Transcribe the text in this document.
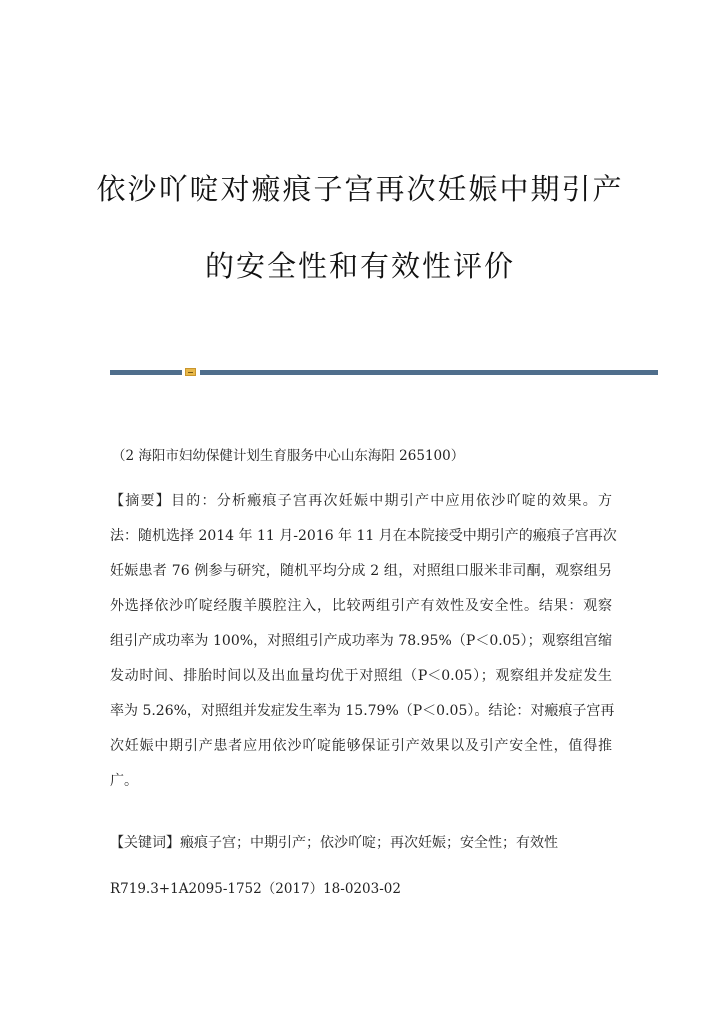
依沙吖啶对瘢痕子宫再次妊娠中期引产
的安全性和有效性评价
（2 海阳市妇幼保健计划生育服务中心山东海阳 265100）
【摘要】目的：分析瘢痕子宫再次妊娠中期引产中应用依沙吖啶的效果。方
法：随机选择 2014 年 11 月-2016 年 11 月在本院接受中期引产的瘢痕子宫再次
妊娠患者 76 例参与研究，随机平均分成 2 组，对照组口服米非司酮，观察组另
外选择依沙吖啶经腹羊膜腔注入，比较两组引产有效性及安全性。结果：观察
组引产成功率为 100%，对照组引产成功率为 78.95%（P＜0.05）；观察组宫缩
发动时间、排胎时间以及出血量均优于对照组（P＜0.05）；观察组并发症发生
率为 5.26%，对照组并发症发生率为 15.79%（P＜0.05）。结论：对瘢痕子宫再
次妊娠中期引产患者应用依沙吖啶能够保证引产效果以及引产安全性，值得推
广。
【关键词】瘢痕子宫；中期引产；依沙吖啶；再次妊娠；安全性；有效性
R719.3+1A2095-1752（2017）18-0203-02
